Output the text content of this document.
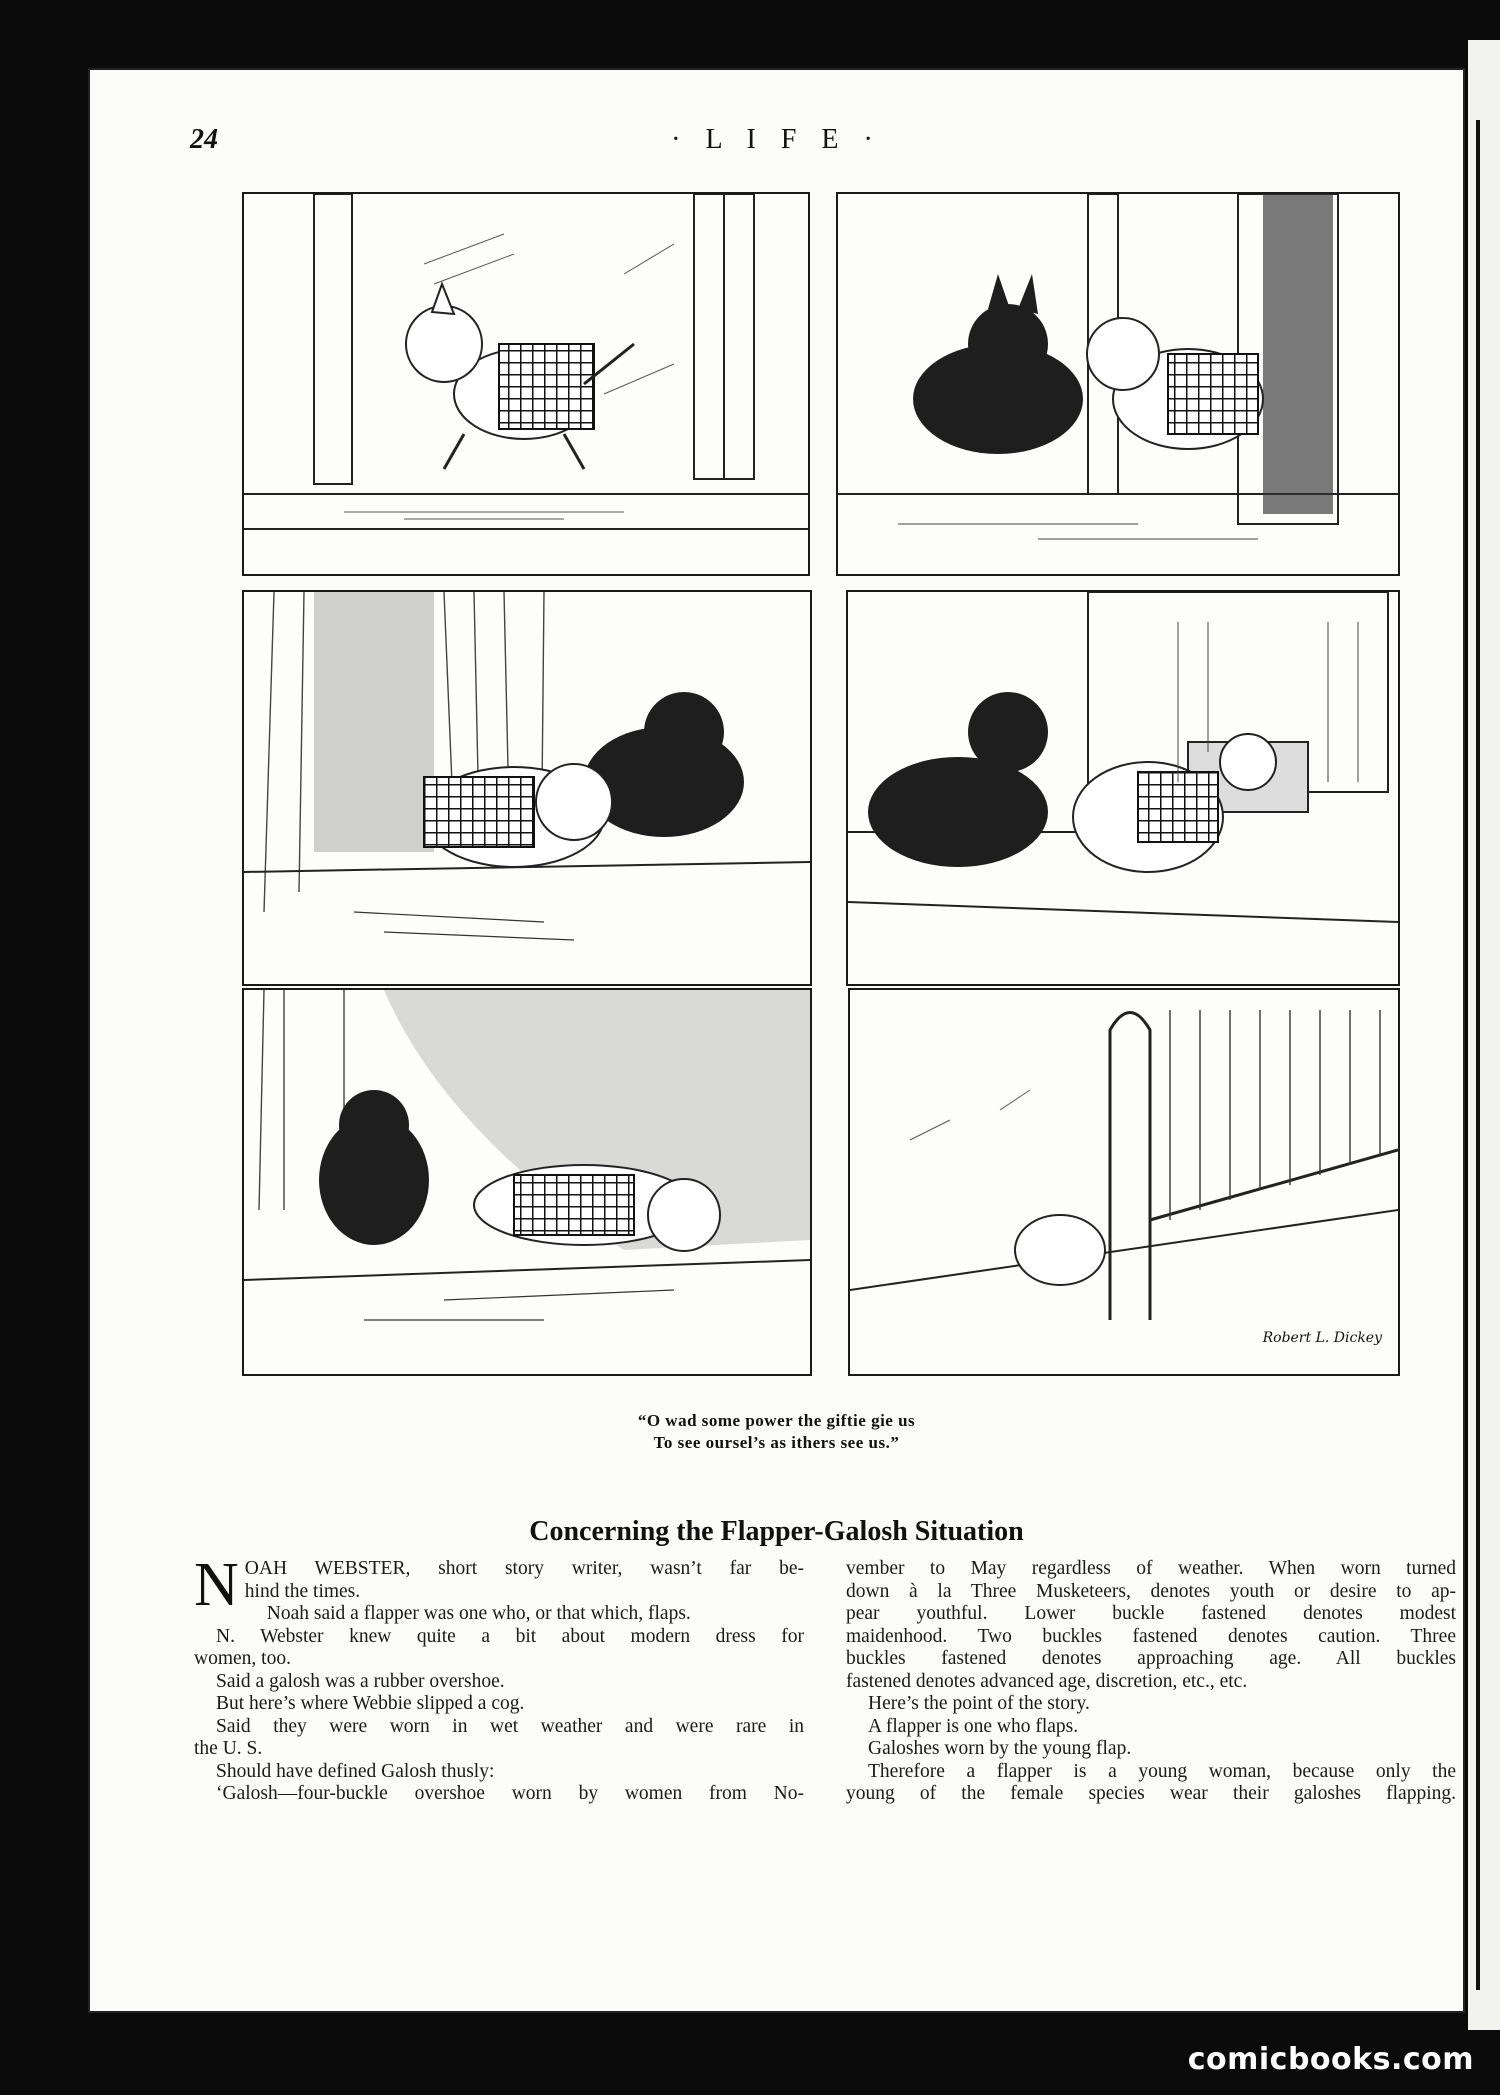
24	· L I F E ·
Robert L. Dickey
“O wad some power the giftie gie us
To see oursel’s as ithers see us.”
Concerning the Flapper-Galosh Situation

NOAH WEBSTER, short story writer, wasn’t far be-

hind the times.

Noah said a flapper was one who, or that which, flaps.

N. Webster knew quite a bit about modern dress for

women, too.

Said a galosh was a rubber overshoe.

But here’s where Webbie slipped a cog.

Said they were worn in wet weather and were rare in

the U. S.

Should have defined Galosh thusly:

‘Galosh—four-buckle overshoe worn by women from No-

vember to May regardless of weather. When worn turned

down à la Three Musketeers, denotes youth or desire to ap-

pear youthful. Lower buckle fastened denotes modest

maidenhood. Two buckles fastened denotes caution. Three

buckles fastened denotes approaching age. All buckles

fastened denotes advanced age, discretion, etc., etc.

Here’s the point of the story.

A flapper is one who flaps.

Galoshes worn by the young flap.

Therefore a flapper is a young woman, because only the

young of the female species wear their galoshes flapping.

comicbooks.com
